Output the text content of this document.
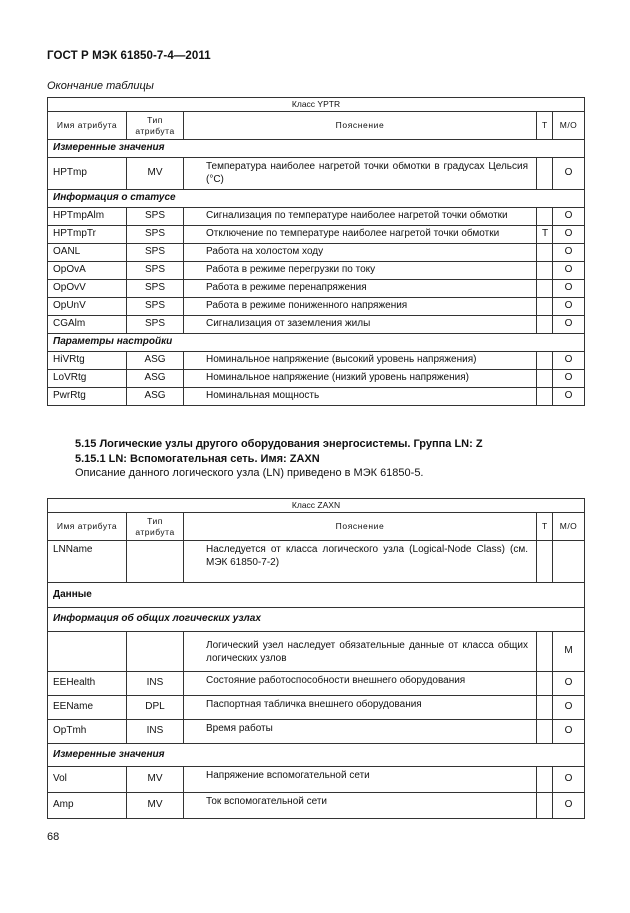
ГОСТ Р МЭК 61850-7-4—2011
Окончание таблицы
Класс YPTR				
Имя атрибута	Тип атрибута	Пояснение	Т	М/О
Измеренные значения				
HPTmp	MV	Температура наиболее нагретой точки обмотки в градусах Цельсия (°С)		О
Информация о статусе				
HPTmpAlm	SPS	Сигнализация по температуре наиболее нагретой точки обмотки		О
HPTmpTr	SPS	Отключение по температуре наиболее нагретой точки обмотки	Т	О
OANL	SPS	Работа на холостом ходу		О
OpOvA	SPS	Работа в режиме перегрузки по току		О
OpOvV	SPS	Работа в режиме перенапряжения		О
OpUnV	SPS	Работа в режиме пониженного напряжения		О
CGAlm	SPS	Сигнализация от заземления жилы		О
Параметры настройки				
HiVRtg	ASG	Номинальное напряжение (высокий уровень напряжения)		О
LoVRtg	ASG	Номинальное напряжение (низкий уровень напряжения)		О
PwrRtg	ASG	Номинальная мощность		О
5.15 Логические узлы другого оборудования энергосистемы. Группа LN: Z
5.15.1 LN: Вспомогательная сеть. Имя: ZAXN
Описание данного логического узла (LN) приведено в МЭК 61850-5.
Класс ZAXN				
Имя атрибута	Тип атрибута	Пояснение	Т	М/О
LNName		Наследуется от класса логического узла (Logical-Node Class) (см. МЭК 61850-7-2)		
Данные				
Информация об общих логических узлах				
		Логический узел наследует обязательные данные от класса общих логических узлов		М
EEHealth	INS	Состояние работоспособности внешнего оборудования		О
EEName	DPL	Паспортная табличка внешнего оборудования		О
OpTmh	INS	Время работы		О
Измеренные значения				
Vol	MV	Напряжение вспомогательной сети		О
Amp	MV	Ток вспомогательной сети		О
68
